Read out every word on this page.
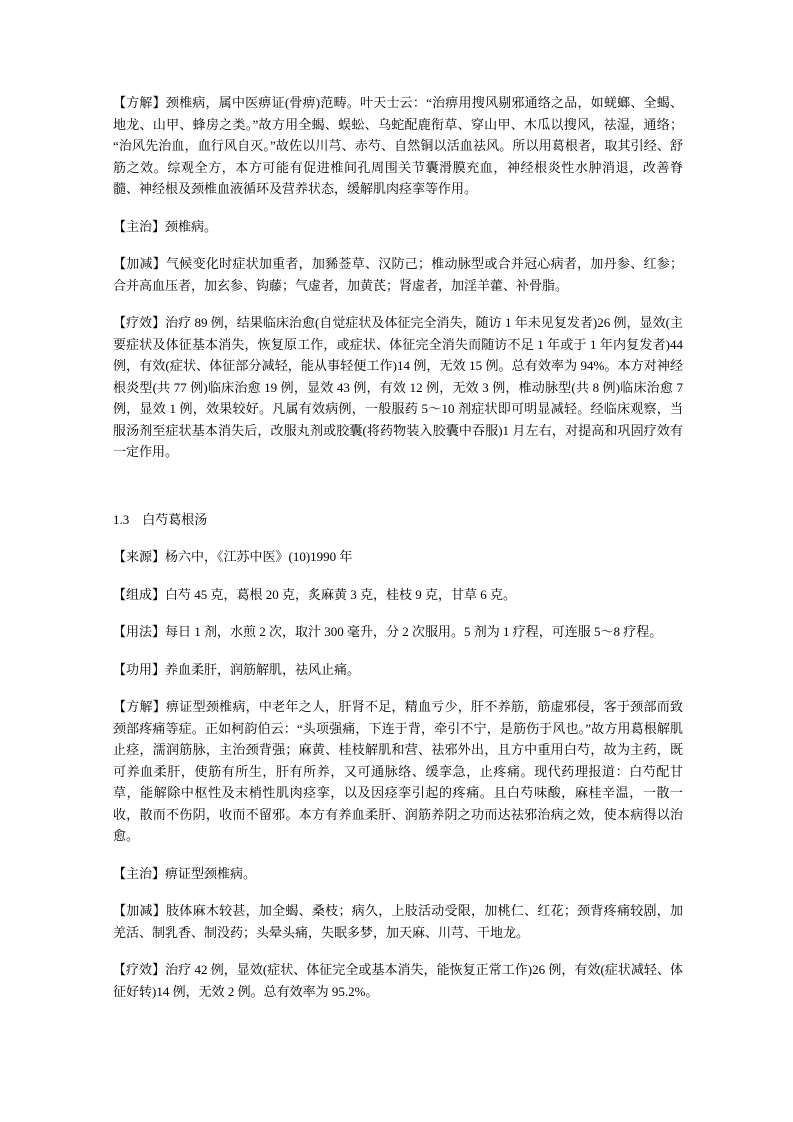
【方解】颈椎病，属中医痹证(骨痹)范畴。叶天士云：“治痹用搜风剔邪通络之品，如蜣螂、全蝎、地龙、山甲、蜂房之类。”故方用全蝎、蜈蚣、乌蛇配鹿衔草、穿山甲、木瓜以搜风，祛湿，通络；“治风先治血，血行风自灭。”故佐以川芎、赤芍、自然铜以活血祛风。所以用葛根者，取其引经、舒筋之效。综观全方，本方可能有促进椎间孔周围关节囊滑膜充血，神经根炎性水肿消退，改善脊髓、神经根及颈椎血液循环及营养状态，缓解肌肉痉挛等作用。

【主治】颈椎病。

【加减】气候变化时症状加重者，加豨莶草、汉防己；椎动脉型或合并冠心病者，加丹参、红参；合并高血压者，加玄参、钩藤；气虚者，加黄芪；肾虚者，加淫羊藿、补骨脂。

【疗效】治疗 89 例，结果临床治愈(自觉症状及体征完全消失，随访 1 年未见复发者)26 例，显效(主要症状及体征基本消失，恢复原工作，或症状、体征完全消失而随访不足 1 年或于 1 年内复发者)44 例，有效(症状、体征部分减轻，能从事轻便工作)14 例，无效 15 例。总有效率为 94%。本方对神经根炎型(共 77 例)临床治愈 19 例，显效 43 例，有效 12 例，无效 3 例，椎动脉型(共 8 例)临床治愈 7 例，显效 1 例，效果较好。凡属有效病例，一般服药 5～10 剂症状即可明显减轻。经临床观察，当服汤剂至症状基本消失后，改服丸剂或胶囊(将药物装入胶囊中吞服)1 月左右，对提高和巩固疗效有一定作用。

1.3　白芍葛根汤

【来源】杨六中，《江苏中医》(10)1990 年

【组成】白芍 45 克，葛根 20 克，炙麻黄 3 克，桂枝 9 克，甘草 6 克。

【用法】每日 1 剂，水煎 2 次，取汁 300 毫升，分 2 次服用。5 剂为 1 疗程，可连服 5～8 疗程。

【功用】养血柔肝，润筋解肌，祛风止痛。

【方解】痹证型颈椎病，中老年之人，肝肾不足，精血亏少，肝不养筋，筋虚邪侵，客于颈部而致颈部疼痛等症。正如柯韵伯云：“头项强痛，下连于背，牵引不宁，是筋伤于风也。”故方用葛根解肌止痉，濡润筋脉，主治颈背强；麻黄、桂枝解肌和营、祛邪外出，且方中重用白芍，故为主药，既可养血柔肝，使筋有所生，肝有所养，又可通脉络、缓挛急，止疼痛。现代药理报道：白芍配甘草，能解除中枢性及末梢性肌肉痉挛，以及因痉挛引起的疼痛。且白芍味酸，麻桂辛温，一散一收，散而不伤阴，收而不留邪。本方有养血柔肝、润筋养阴之功而达祛邪治病之效，使本病得以治愈。

【主治】痹证型颈椎病。

【加减】肢体麻木较甚，加全蝎、桑枝；病久，上肢活动受限，加桃仁、红花；颈背疼痛较剧，加羌活、制乳香、制没药；头晕头痛，失眠多梦，加天麻、川芎、干地龙。

【疗效】治疗 42 例，显效(症状、体征完全或基本消失，能恢复正常工作)26 例，有效(症状减轻、体征好转)14 例，无效 2 例。总有效率为 95.2%。
